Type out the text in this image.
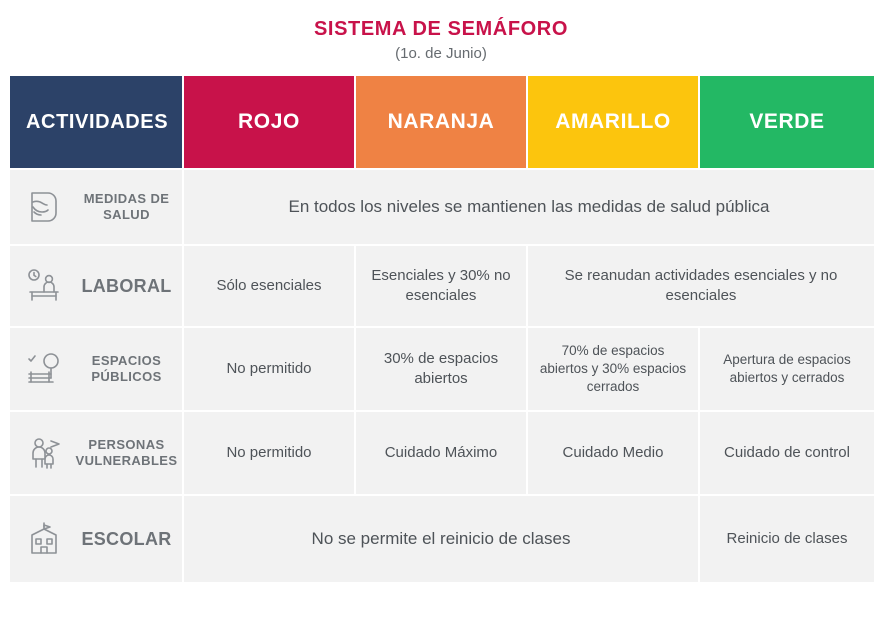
SISTEMA DE SEMÁFORO
(1o. de Junio)
ACTIVIDADES	ROJO	NARANJA	AMARILLO	VERDE

MEDIDAS DE SALUD	En todos los niveles se mantienen las medidas de salud pública			

LABORAL	Sólo esenciales	Esenciales y 30% no esenciales	Se reanudan actividades esenciales y no esenciales	

ESPACIOS PÚBLICOS	No permitido	30% de espacios abiertos	70% de espacios abiertos y 30% espacios cerrados	Apertura de espacios abiertos y cerrados

PERSONAS VULNERABLES	No permitido	Cuidado Máximo	Cuidado Medio	Cuidado de control

ESCOLAR	No se permite el reinicio de clases			Reinicio de clases
